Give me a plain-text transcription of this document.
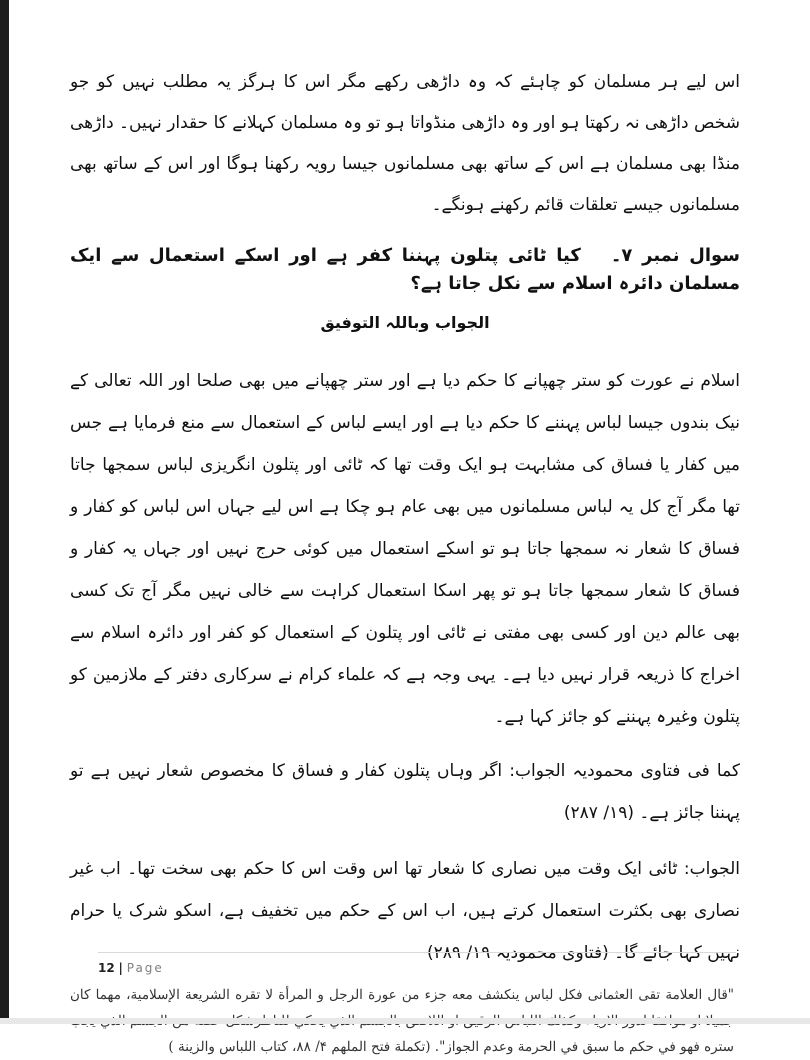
اس لیے ہر مسلمان کو چاہئے کہ وہ داڑھی رکھے مگر اس کا ہرگز یہ مطلب نہیں کو جو شخص داڑھی نہ رکھتا ہو اور وہ داڑھی منڈواتا ہو تو وہ مسلمان کہلانے کا حقدار نہیں۔ داڑھی منڈا بھی مسلمان ہے اس کے ساتھ بھی مسلمانوں جیسا رویہ رکھنا ہوگا اور اس کے ساتھ بھی مسلمانوں جیسے تعلقات قائم رکھنے ہونگے۔

سوال نمبر ۷۔کیا ٹائی پتلون پہننا کفر ہے اور اسکے استعمال سے ایک مسلمان دائرہ اسلام سے نکل جاتا ہے؟

الجواب وباللہ التوفیق

اسلام نے عورت کو ستر چھپانے کا حکم دیا ہے اور ستر چھپانے میں بھی صلحا اور اللہ تعالی کے نیک بندوں جیسا لباس پہننے کا حکم دیا ہے اور ایسے لباس کے استعمال سے منع فرمایا ہے جس میں کفار یا فساق کی مشابہت ہو ایک وقت تھا کہ ٹائی اور پتلون انگریزی لباس سمجھا جاتا تھا مگر آج کل یہ لباس مسلمانوں میں بھی عام ہو چکا ہے اس لیے جہاں اس لباس کو کفار و فساق کا شعار نہ سمجھا جاتا ہو تو اسکے استعمال میں کوئی حرج نہیں اور جہاں یہ کفار و فساق کا شعار سمجھا جاتا ہو تو پھر اسکا استعمال کراہت سے خالی نہیں مگر آج تک کسی بھی عالم دین اور کسی بھی مفتی نے ٹائی اور پتلون کے استعمال کو کفر اور دائرہ اسلام سے اخراج کا ذریعہ قرار نہیں دیا ہے۔ یہی وجہ ہے کہ علماء کرام نے سرکاری دفتر کے ملازمین کو پتلون وغیرہ پہننے کو جائز کہا ہے۔

کما فی فتاوی محمودیہ الجواب: اگر وہاں پتلون کفار و فساق کا مخصوص شعار نہیں ہے تو پہننا جائز ہے۔ (۱۹/ ۲۸۷)

الجواب: ٹائی ایک وقت میں نصاری کا شعار تھا اس وقت اس کا حکم بھی سخت تھا۔ اب غیر نصاری بھی بکثرت استعمال کرتے ہیں، اب اس کے حکم میں تخفیف ہے، اسکو شرک یا حرام نہیں کہا جائے گا۔ (فتاوی محمودیہ ۱۹/ ۲۸۹)

"قال العلامة تقی العثمانی فکل لباس ینکشف معه جزء من عورة الرجل و المرأة لا تقره الشريعة الإسلامية، مهما كان ستره فهو في حكم ما سبق في الحرمة وعدم الجواز". (تكملة فتح الملهم ۴/ ۸۸، كتاب اللباس والزينة )

12 | Page
